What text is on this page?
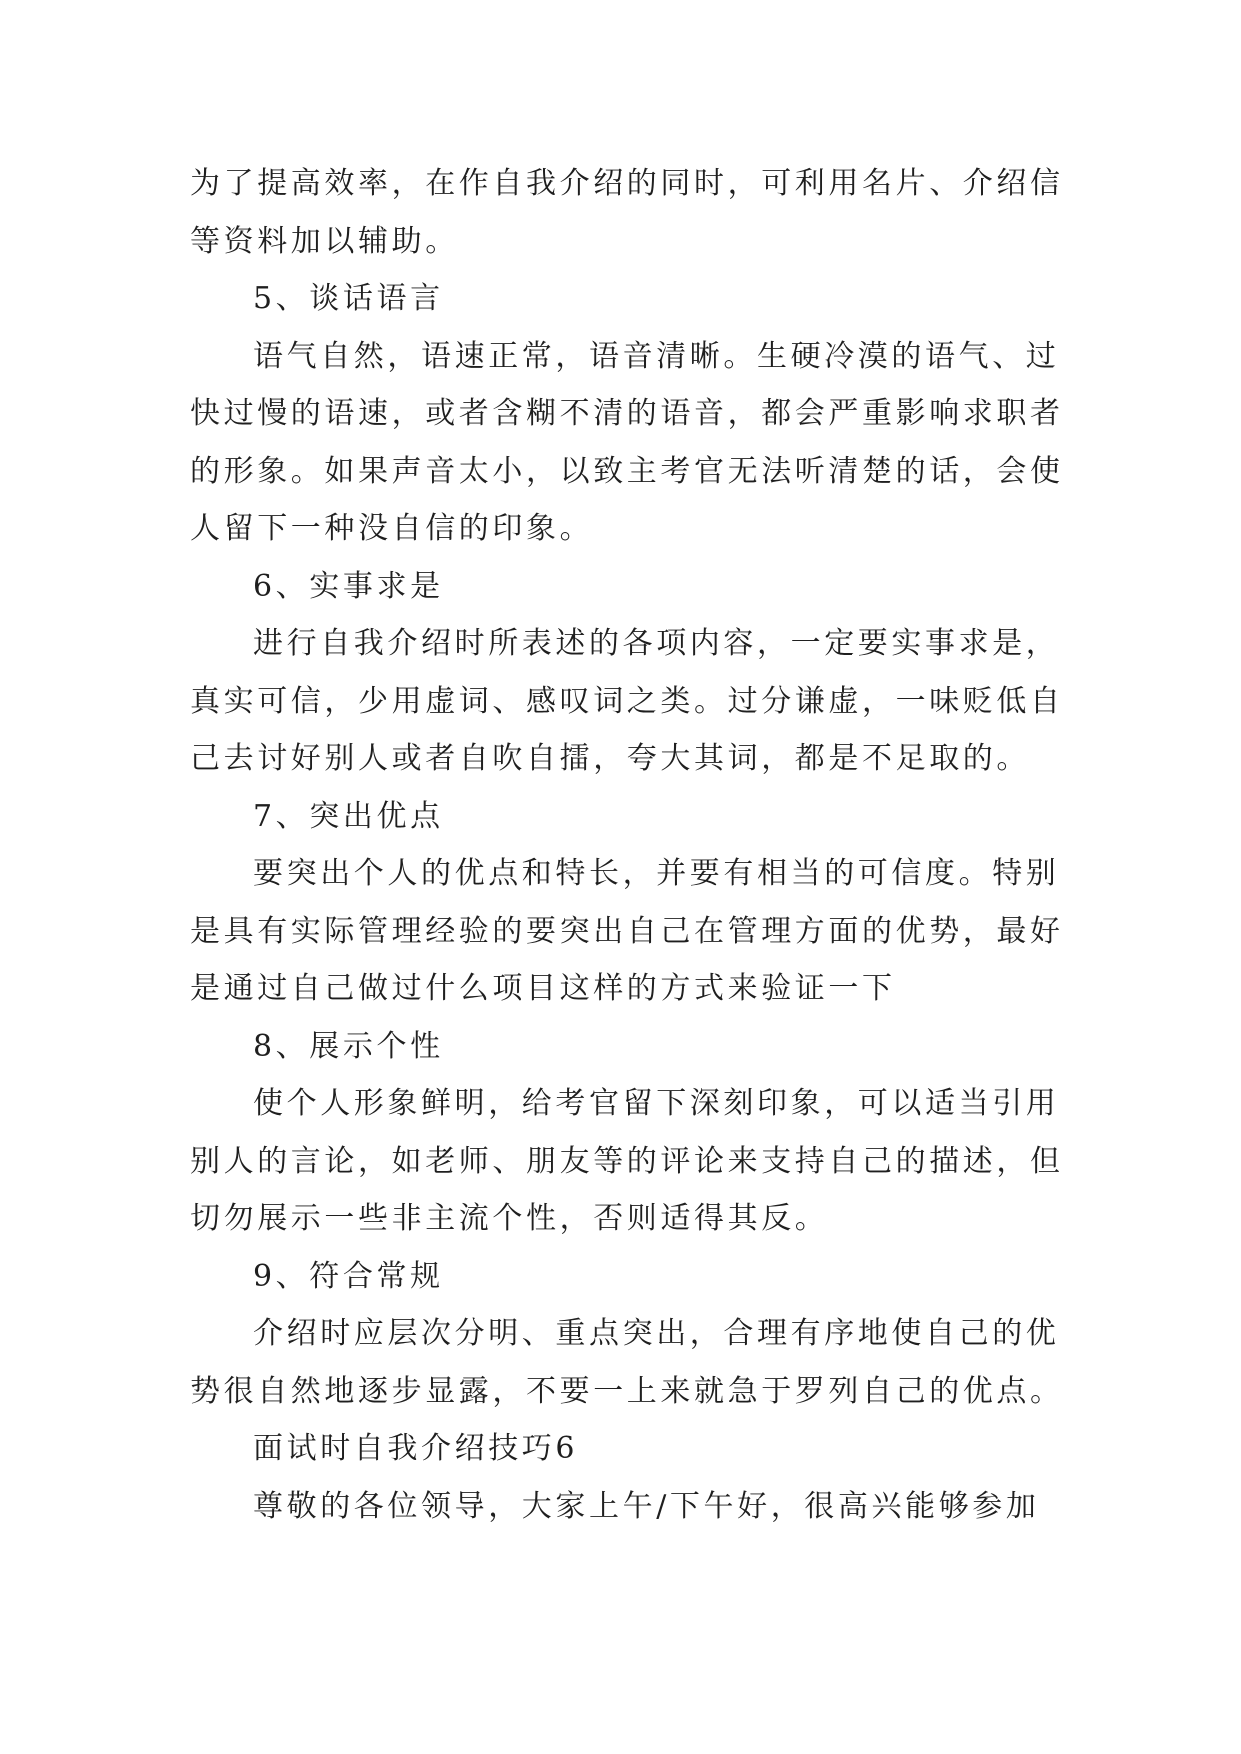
为了提高效率，在作自我介绍的同时，可利用名片、介绍信
等资料加以辅助。
5、谈话语言
语气自然，语速正常，语音清晰。生硬冷漠的语气、过
快过慢的语速，或者含糊不清的语音，都会严重影响求职者
的形象。如果声音太小，以致主考官无法听清楚的话，会使
人留下一种没自信的印象。
6、实事求是
进行自我介绍时所表述的各项内容，一定要实事求是，
真实可信，少用虚词、感叹词之类。过分谦虚，一味贬低自
己去讨好别人或者自吹自擂，夸大其词，都是不足取的。
7、突出优点
要突出个人的优点和特长，并要有相当的可信度。特别
是具有实际管理经验的要突出自己在管理方面的优势，最好
是通过自己做过什么项目这样的方式来验证一下
8、展示个性
使个人形象鲜明，给考官留下深刻印象，可以适当引用
别人的言论，如老师、朋友等的评论来支持自己的描述，但
切勿展示一些非主流个性，否则适得其反。
9、符合常规
介绍时应层次分明、重点突出，合理有序地使自己的优
势很自然地逐步显露，不要一上来就急于罗列自己的优点。
面试时自我介绍技巧6
尊敬的各位领导，大家上午/下午好，很高兴能够参加
